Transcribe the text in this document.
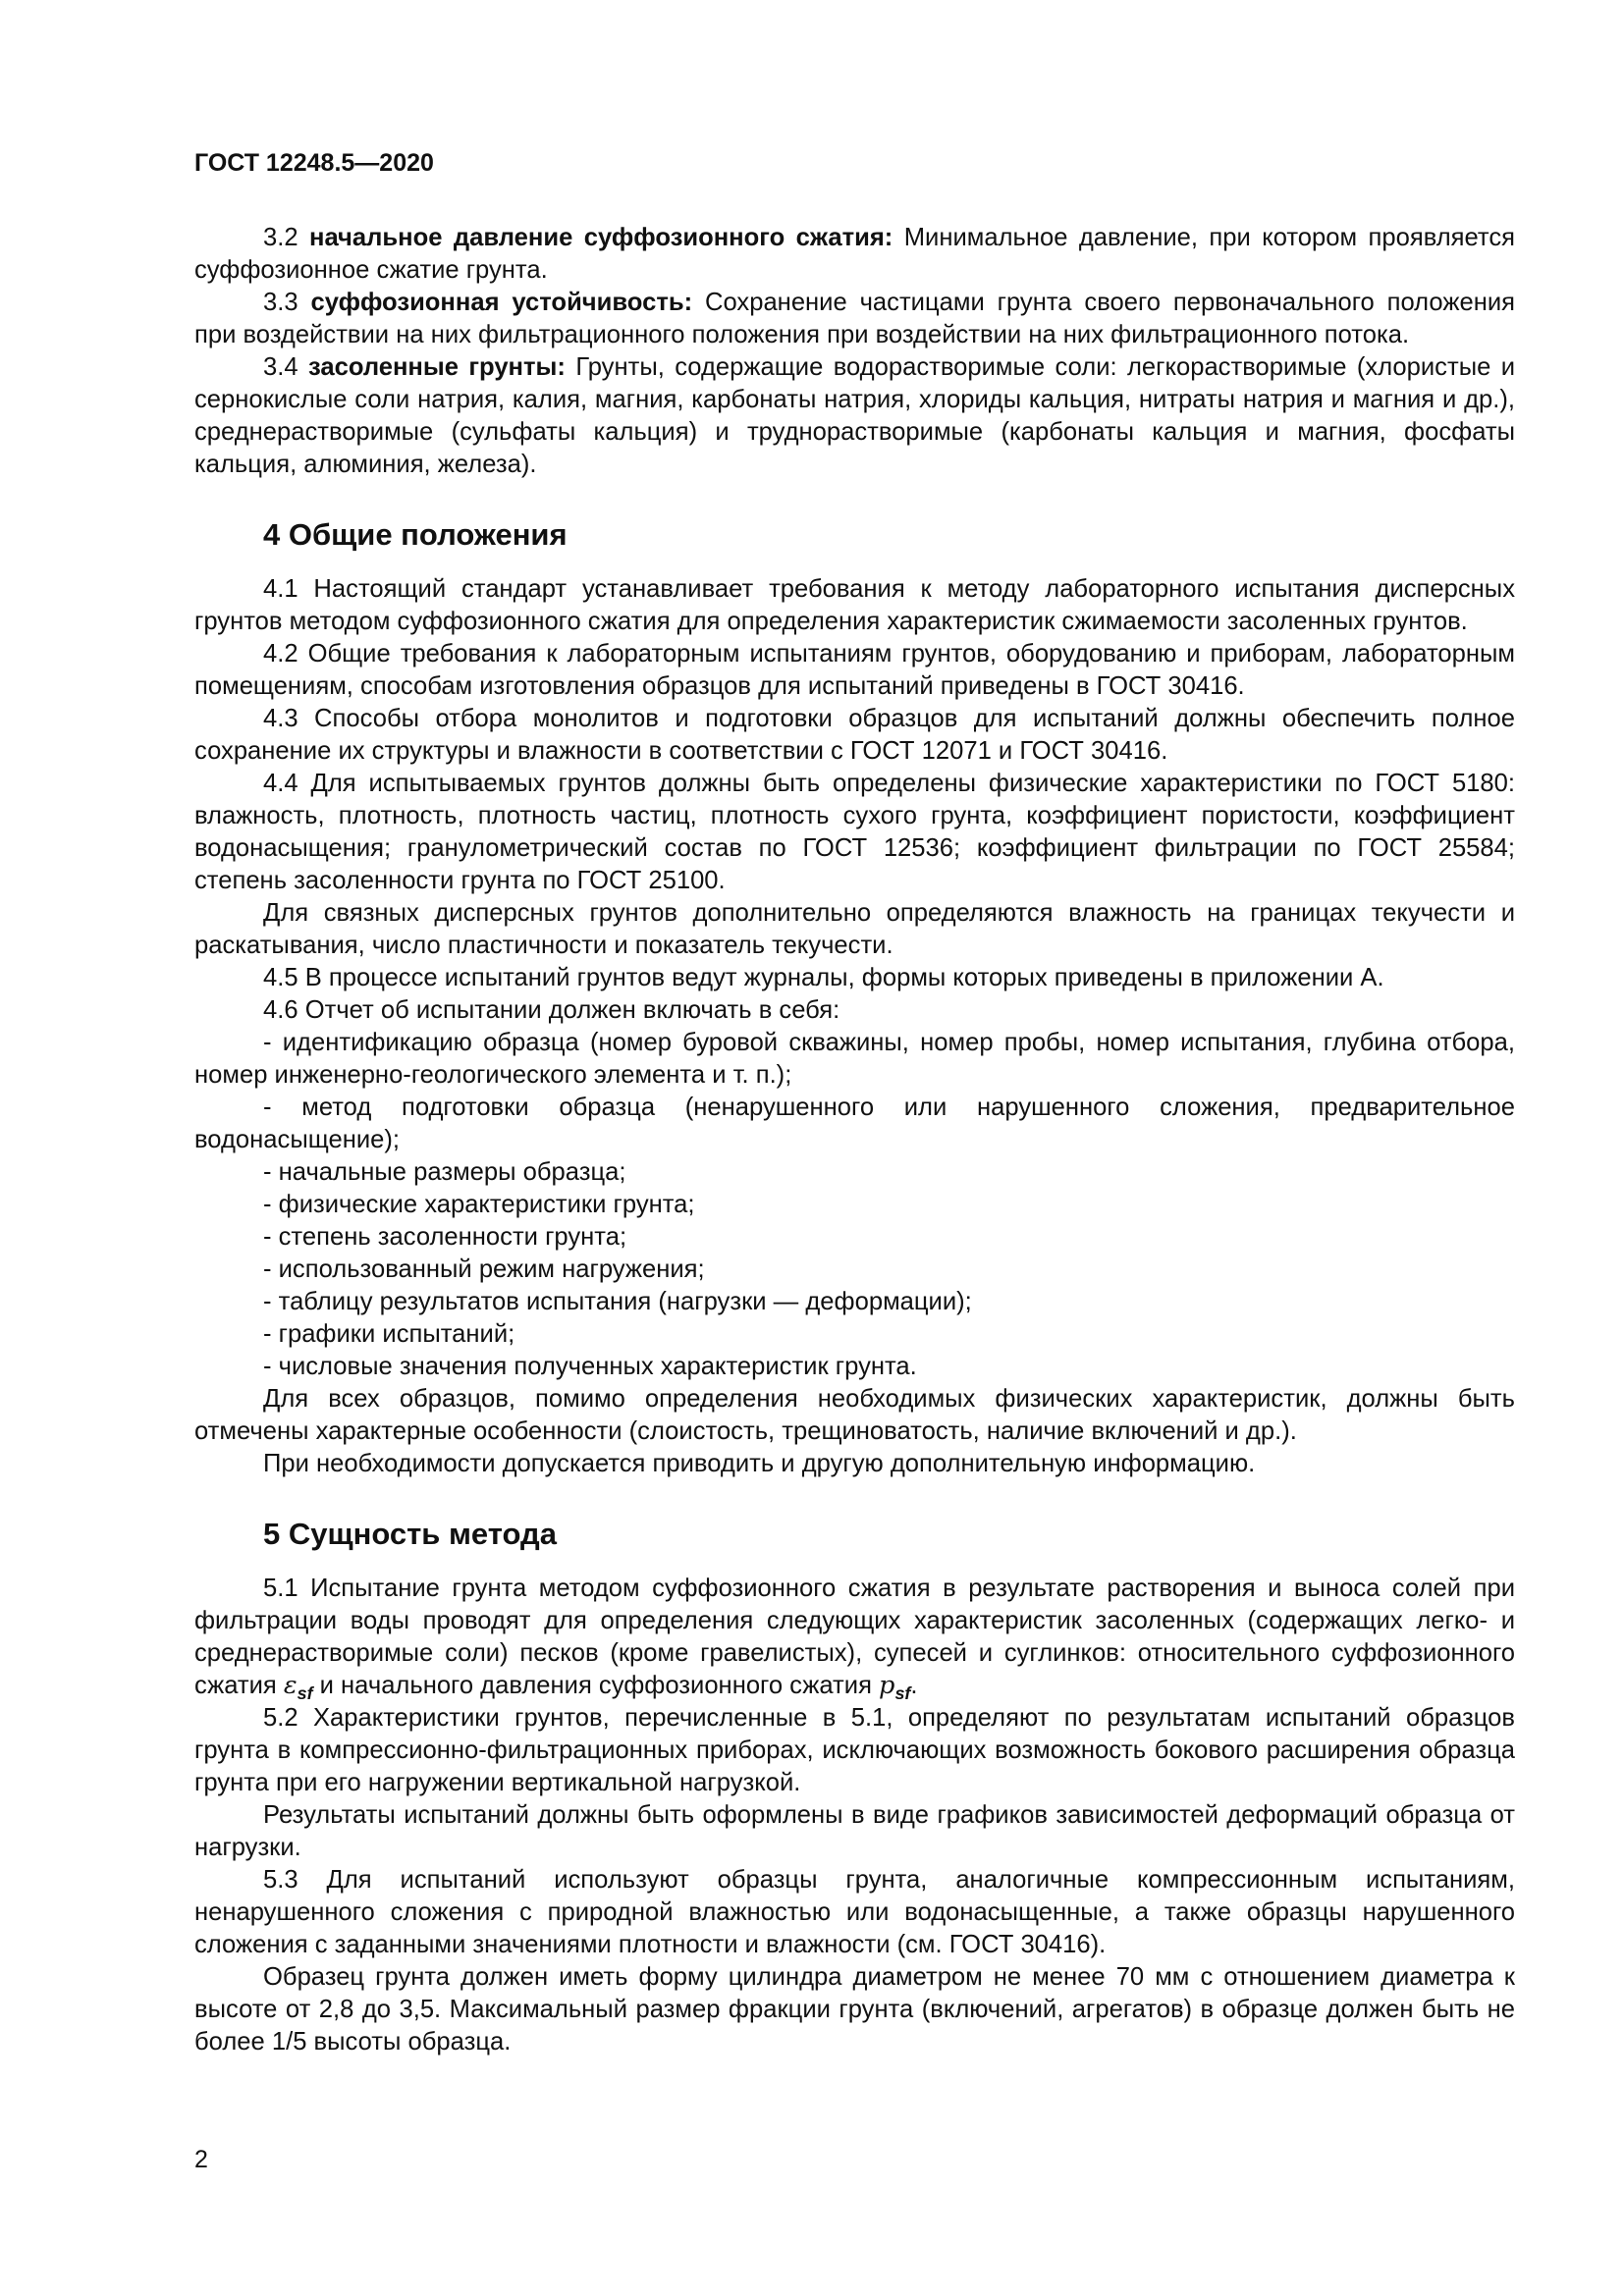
ГОСТ 12248.5—2020

3.2 начальное давление суффозионного сжатия: Минимальное давление, при котором проявляется суффозионное сжатие грунта.

3.3 суффозионная устойчивость: Сохранение частицами грунта своего первоначального положения при воздействии на них фильтрационного положения при воздействии на них фильтрационного потока.

3.4 засоленные грунты: Грунты, содержащие водорастворимые соли: легкорастворимые (хлористые и сернокислые соли натрия, калия, магния, карбонаты натрия, хлориды кальция, нитраты натрия и магния и др.), среднерастворимые (сульфаты кальция) и труднорастворимые (карбонаты кальция и магния, фосфаты кальция, алюминия, железа).

4 Общие положения

4.1 Настоящий стандарт устанавливает требования к методу лабораторного испытания дисперсных грунтов методом суффозионного сжатия для определения характеристик сжимаемости засоленных грунтов.

4.2 Общие требования к лабораторным испытаниям грунтов, оборудованию и приборам, лабораторным помещениям, способам изготовления образцов для испытаний приведены в ГОСТ 30416.

4.3 Способы отбора монолитов и подготовки образцов для испытаний должны обеспечить полное сохранение их структуры и влажности в соответствии с ГОСТ 12071 и ГОСТ 30416.

4.4 Для испытываемых грунтов должны быть определены физические характеристики по ГОСТ 5180: влажность, плотность, плотность частиц, плотность сухого грунта, коэффициент пористости, коэффициент водонасыщения; гранулометрический состав по ГОСТ 12536; коэффициент фильтрации по ГОСТ 25584; степень засоленности грунта по ГОСТ 25100.

Для связных дисперсных грунтов дополнительно определяются влажность на границах текучести и раскатывания, число пластичности и показатель текучести.

4.5 В процессе испытаний грунтов ведут журналы, формы которых приведены в приложении А.

4.6 Отчет об испытании должен включать в себя:

- идентификацию образца (номер буровой скважины, номер пробы, номер испытания, глубина отбора, номер инженерно-геологического элемента и т. п.);

- метод подготовки образца (ненарушенного или нарушенного сложения, предварительное водонасыщение);

- начальные размеры образца;

- физические характеристики грунта;

- степень засоленности грунта;

- использованный режим нагружения;

- таблицу результатов испытания (нагрузки — деформации);

- графики испытаний;

- числовые значения полученных характеристик грунта.

Для всех образцов, помимо определения необходимых физических характеристик, должны быть отмечены характерные особенности (слоистость, трещиноватость, наличие включений и др.).

При необходимости допускается приводить и другую дополнительную информацию.

5 Сущность метода

5.1 Испытание грунта методом суффозионного сжатия в результате растворения и выноса солей при фильтрации воды проводят для определения следующих характеристик засоленных (содержащих легко- и среднерастворимые соли) песков (кроме гравелистых), супесей и суглинков: относительного суффозионного сжатия $\varepsilon_{sf}$ и начального давления суффозионного сжатия $p_{sf}$.

5.2 Характеристики грунтов, перечисленные в 5.1, определяют по результатам испытаний образцов грунта в компрессионно-фильтрационных приборах, исключающих возможность бокового расширения образца грунта при его нагружении вертикальной нагрузкой.

Результаты испытаний должны быть оформлены в виде графиков зависимостей деформаций образца от нагрузки.

5.3 Для испытаний используют образцы грунта, аналогичные компрессионным испытаниям, ненарушенного сложения с природной влажностью или водонасыщенные, а также образцы нарушенного сложения с заданными значениями плотности и влажности (см. ГОСТ 30416).

Образец грунта должен иметь форму цилиндра диаметром не менее 70 мм с отношением диаметра к высоте от 2,8 до 3,5. Максимальный размер фракции грунта (включений, агрегатов) в образце должен быть не более 1/5 высоты образца.

2
